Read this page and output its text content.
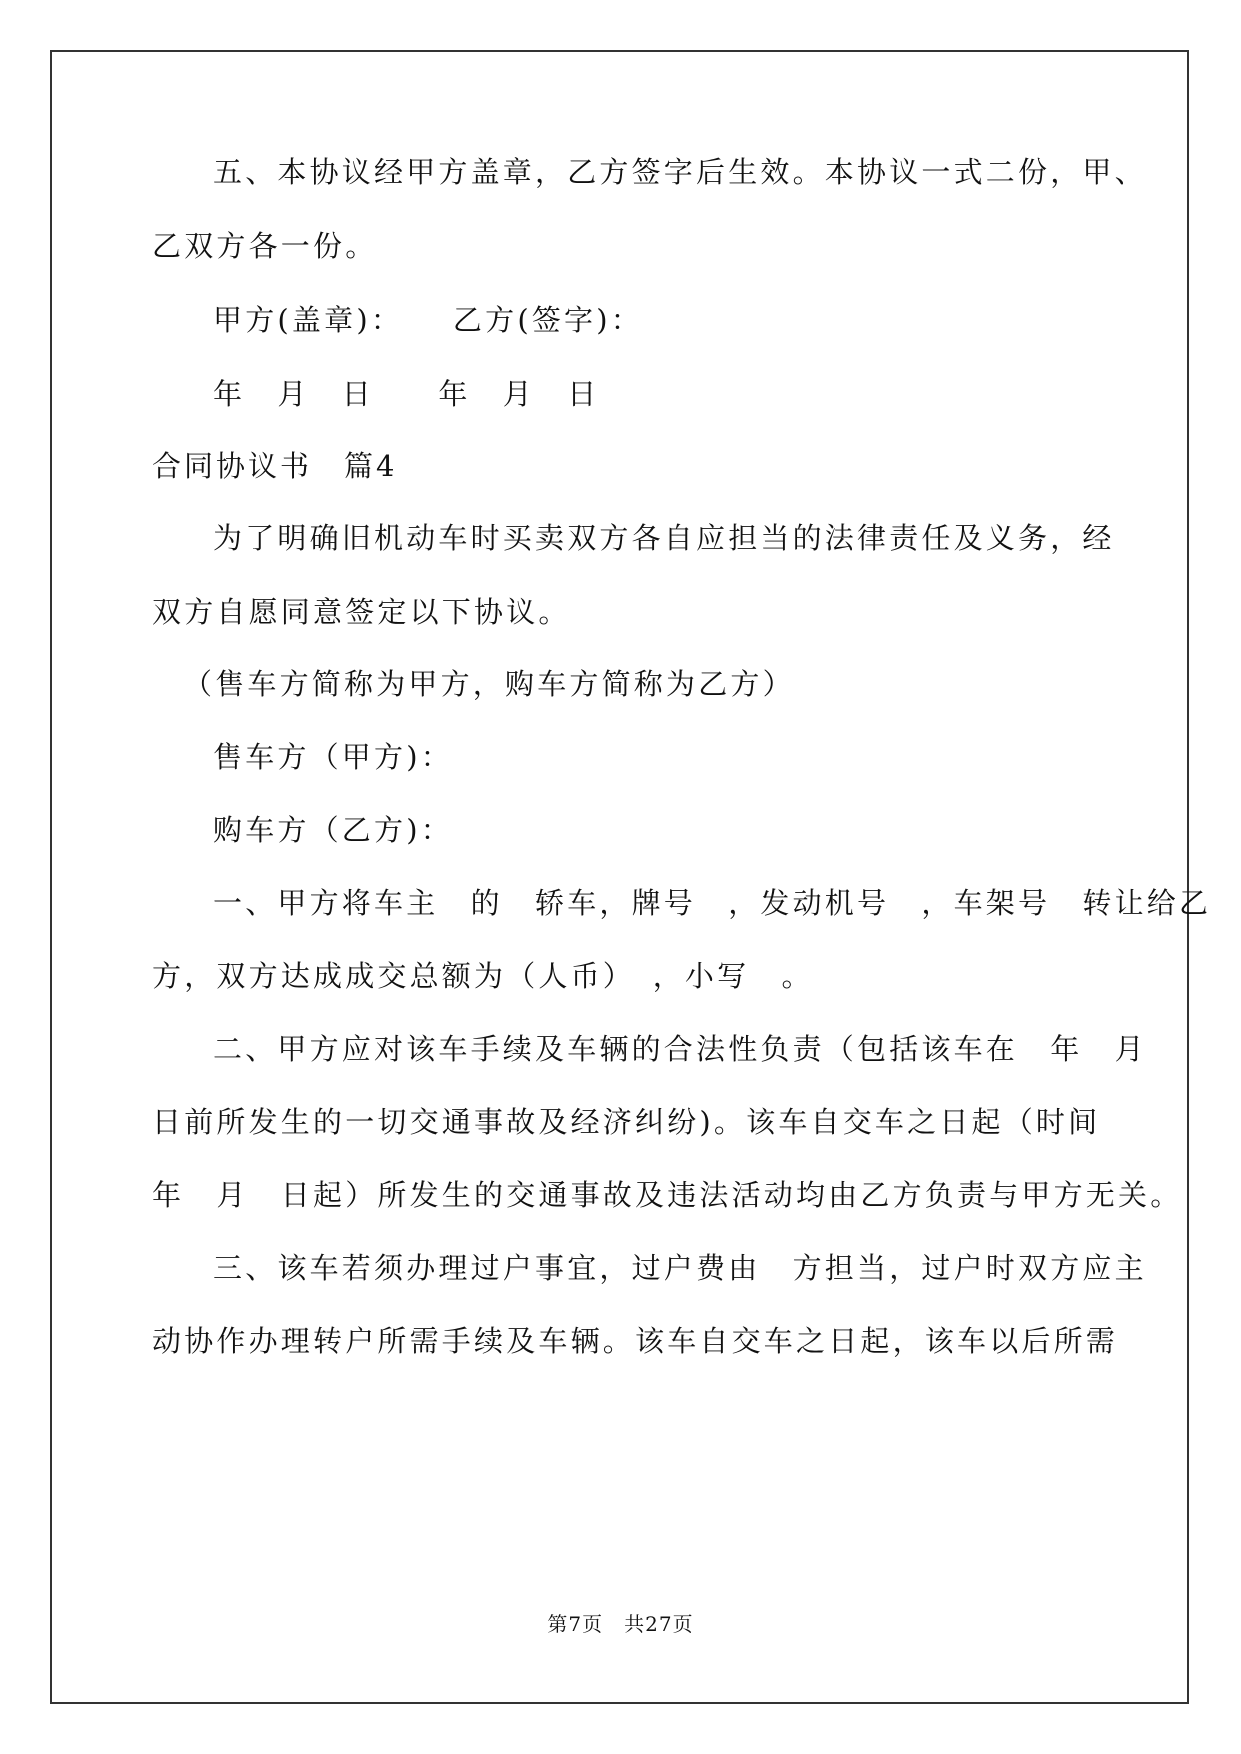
五、本协议经甲方盖章，乙方签字后生效。本协议一式二份，甲、
乙双方各一份。
甲方(盖章)：　　乙方(签字)：
年　月　日　　年　月　日
合同协议书　篇4
为了明确旧机动车时买卖双方各自应担当的法律责任及义务，经
双方自愿同意签定以下协议。
（售车方简称为甲方，购车方简称为乙方）
售车方（甲方)：
购车方（乙方)：
一、甲方将车主　的　轿车，牌号　，发动机号　，车架号　转让给乙
方，双方达成成交总额为（人币）　，小写　。
二、甲方应对该车手续及车辆的合法性负责（包括该车在　年　月
日前所发生的一切交通事故及经济纠纷)。该车自交车之日起（时间
年　月　日起）所发生的交通事故及违法活动均由乙方负责与甲方无关。
三、该车若须办理过户事宜，过户费由　方担当，过户时双方应主
动协作办理转户所需手续及车辆。该车自交车之日起，该车以后所需
第7页　共27页
